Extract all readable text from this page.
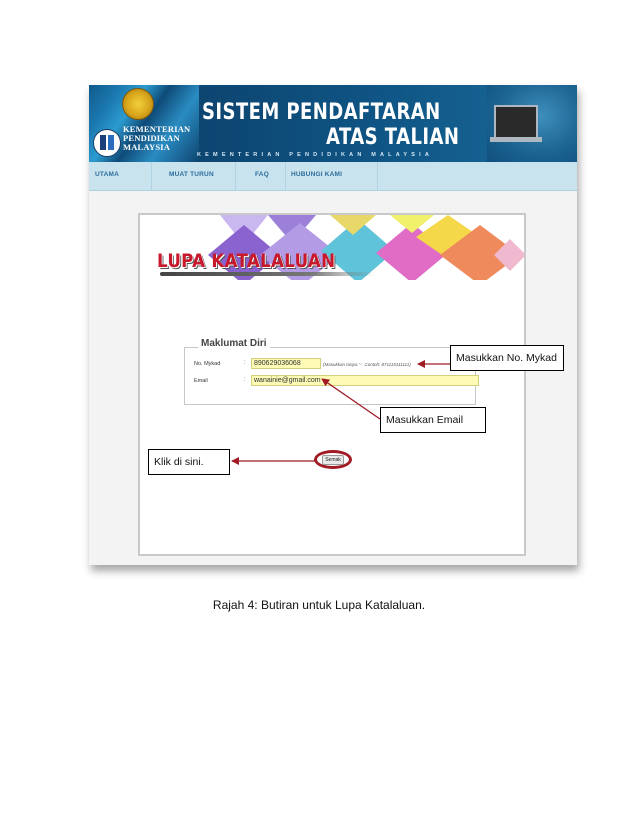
KEMENTERIAN
PENDIDIKAN
MALAYSIA
SISTEM PENDAFTARAN
ATAS TALIAN
KEMENTERIAN PENDIDIKAN MALAYSIA
UTAMA	MUAT TURUN	FAQ	HUBUNGI KAMI
LUPA KATALALUAN
Maklumat Diri
No. Mykad	:	890629036068	(Masukkan tanpa '-'. Contoh: 871115111111)
Email	:	wanainie@gmail.com
Semak
Masukkan No. Mykad
Masukkan Email
Klik di sini.
Rajah 4: Butiran untuk Lupa Katalaluan.
